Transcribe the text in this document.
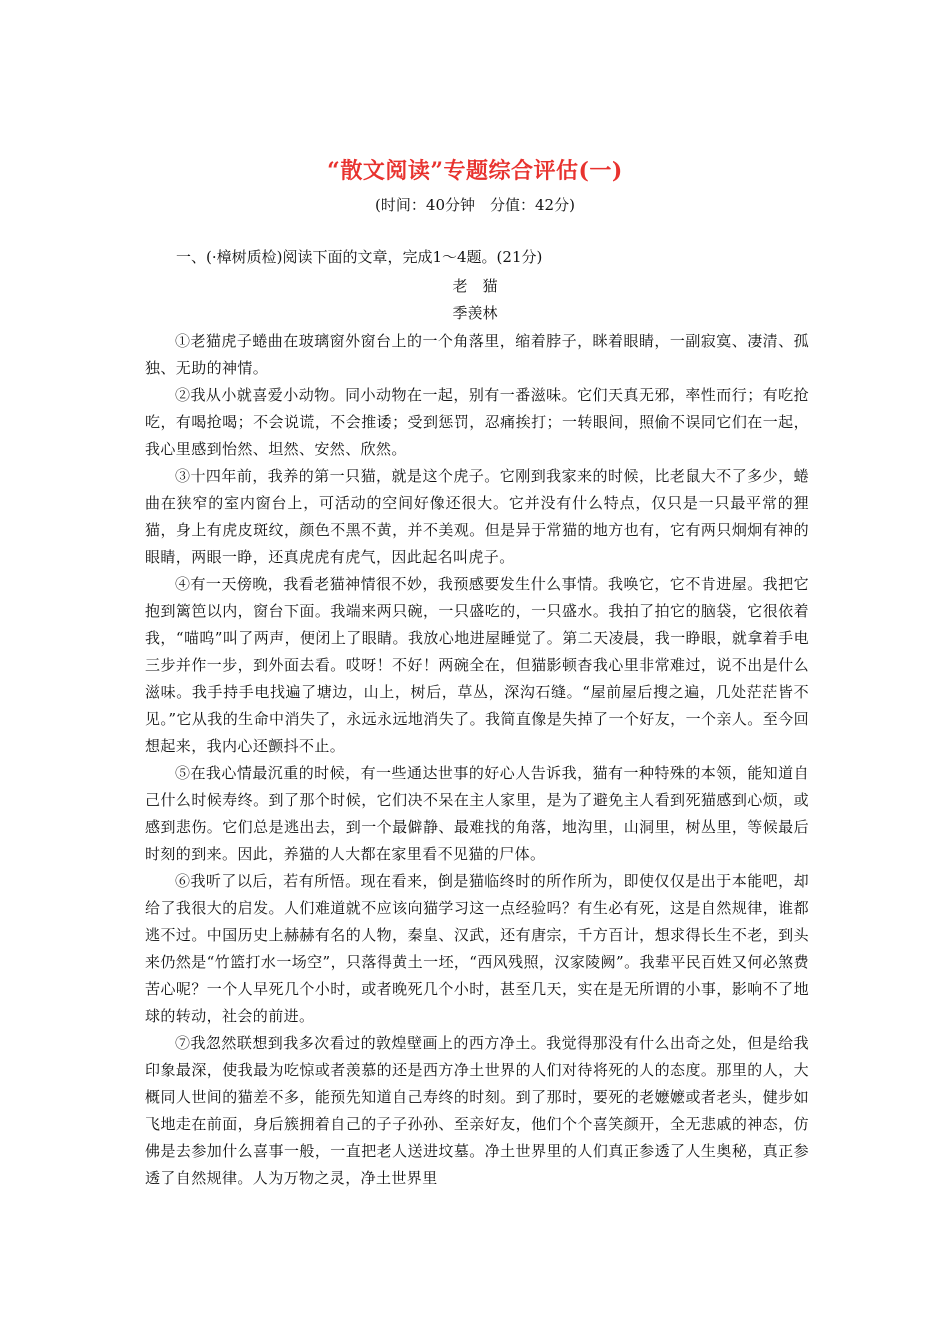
“散文阅读”专题综合评估(一)
(时间：40分钟　分值：42分)
一、(·樟树质检)阅读下面的文章，完成1～4题。(21分)
老　猫
季羡林

①老猫虎子蜷曲在玻璃窗外窗台上的一个角落里，缩着脖子，眯着眼睛，一副寂寞、凄清、孤独、无助的神情。

②我从小就喜爱小动物。同小动物在一起，别有一番滋味。它们天真无邪，率性而行；有吃抢吃，有喝抢喝；不会说谎，不会推诿；受到惩罚，忍痛挨打；一转眼间，照偷不误同它们在一起，我心里感到怡然、坦然、安然、欣然。

③十四年前，我养的第一只猫，就是这个虎子。它刚到我家来的时候，比老鼠大不了多少，蜷曲在狭窄的室内窗台上，可活动的空间好像还很大。它并没有什么特点，仅只是一只最平常的狸猫，身上有虎皮斑纹，颜色不黑不黄，并不美观。但是异于常猫的地方也有，它有两只炯炯有神的眼睛，两眼一睁，还真虎虎有虎气，因此起名叫虎子。

④有一天傍晚，我看老猫神情很不妙，我预感要发生什么事情。我唤它，它不肯进屋。我把它抱到篱笆以内，窗台下面。我端来两只碗，一只盛吃的，一只盛水。我拍了拍它的脑袋，它很依着我，“喵呜”叫了两声，便闭上了眼睛。我放心地进屋睡觉了。第二天凌晨，我一睁眼，就拿着手电三步并作一步，到外面去看。哎呀！不好！两碗全在，但猫影顿杳我心里非常难过，说不出是什么滋味。我手持手电找遍了塘边，山上，树后，草丛，深沟石缝。“屋前屋后搜之遍，几处茫茫皆不见。”它从我的生命中消失了，永远永远地消失了。我简直像是失掉了一个好友，一个亲人。至今回想起来，我内心还颤抖不止。

⑤在我心情最沉重的时候，有一些通达世事的好心人告诉我，猫有一种特殊的本领，能知道自己什么时候寿终。到了那个时候，它们决不呆在主人家里，是为了避免主人看到死猫感到心烦，或感到悲伤。它们总是逃出去，到一个最僻静、最难找的角落，地沟里，山洞里，树丛里，等候最后时刻的到来。因此，养猫的人大都在家里看不见猫的尸体。

⑥我听了以后，若有所悟。现在看来，倒是猫临终时的所作所为，即使仅仅是出于本能吧，却给了我很大的启发。人们难道就不应该向猫学习这一点经验吗？有生必有死，这是自然规律，谁都逃不过。中国历史上赫赫有名的人物，秦皇、汉武，还有唐宗，千方百计，想求得长生不老，到头来仍然是“竹篮打水一场空”，只落得黄土一坯，“西风残照，汉家陵阙”。我辈平民百姓又何必煞费苦心呢？一个人早死几个小时，或者晚死几个小时，甚至几天，实在是无所谓的小事，影响不了地球的转动，社会的前进。

⑦我忽然联想到我多次看过的敦煌壁画上的西方净土。我觉得那没有什么出奇之处，但是给我印象最深，使我最为吃惊或者羡慕的还是西方净土世界的人们对待将死的人的态度。那里的人，大概同人世间的猫差不多，能预先知道自己寿终的时刻。到了那时，要死的老嬷嬷或者老头，健步如飞地走在前面，身后簇拥着自己的子子孙孙、至亲好友，他们个个喜笑颜开，全无悲戚的神态，仿佛是去参加什么喜事一般，一直把老人送进坟墓。净土世界里的人们真正参透了人生奥秘，真正参透了自然规律。人为万物之灵，净土世界里
